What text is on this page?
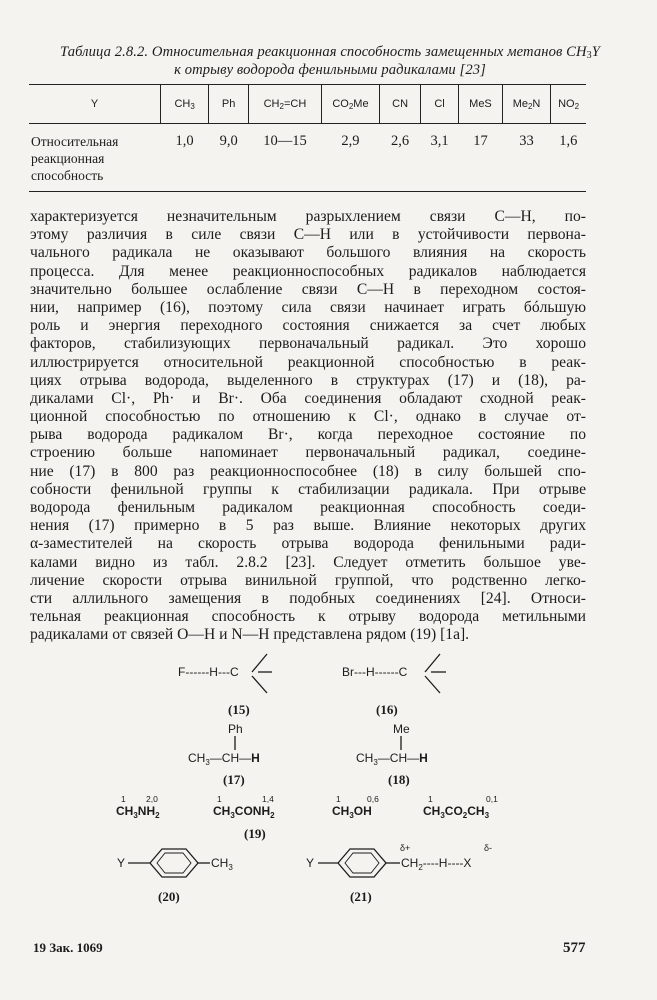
Таблица 2.8.2. Относительная реакционная способность замещенных метанов CH3Y
к отрыву водорода фенильными радикалами [23]
Y	CH3	Ph	CH2=CH	CO2Me	CN	Cl	MeS	Me2N	NO2

Относительная
реакционная
способность	1,0	9,0	10—15	2,9	2,6	3,1	17	33	1,6
характеризуется незначительным разрыхлением связи C—H, по-
этому различия в силе связи C—H или в устойчивости первона-
чального радикала не оказывают большого влияния на скорость
процесса. Для менее реакционноспособных радикалов наблюдается
значительно большее ослабление связи C—H в переходном состоя-
нии, например (16), поэтому сила связи начинает играть бóльшую
роль и энергия переходного состояния снижается за счет любых
факторов, стабилизующих первоначальный радикал. Это хорошо
иллюстрируется относительной реакционной способностью в реак-
циях отрыва водорода, выделенного в структурах (17) и (18), ра-
дикалами Cl·, Ph· и Br·. Оба соединения обладают сходной реак-
ционной способностью по отношению к Cl·, однако в случае от-
рыва водорода радикалом Br·, когда переходное состояние по
строению больше напоминает первоначальный радикал, соедине-
ние (17) в 800 раз реакционноспособнее (18) в силу большей спо-
собности фенильной группы к стабилизации радикала. При отрыве
водорода фенильным радикалом реакционная способность соеди-
нения (17) примерно в 5 раз выше. Влияние некоторых других
α-заместителей на скорость отрыва водорода фенильными ради-
калами видно из табл. 2.8.2 [23]. Следует отметить большое уве-
личение скорости отрыва винильной группой, что родственно легко-
сти аллильного замещения в подобных соединениях [24]. Относи-
тельная реакционная способность к отрыву водорода метильными
радикалами от связей O—H и N—H представлена рядом (19) [1a].
F------H---C
(15)
Br---H------C
(16)
Ph
$CH_3—CH—H$
(17)
Me
$CH_3—CH—H$
(18)
1 2,0
$CH_3NH_2$
1	1,4
$CH_3CONH_2$
1	0,6
$CH_3OH$
1	0,1
$CH_3CO_2CH_3$
(19)
Y	$CH_3$
(20)
Y
δ+	δ-
$CH_2----H----X$
(21)
19 Зак. 1069	577
